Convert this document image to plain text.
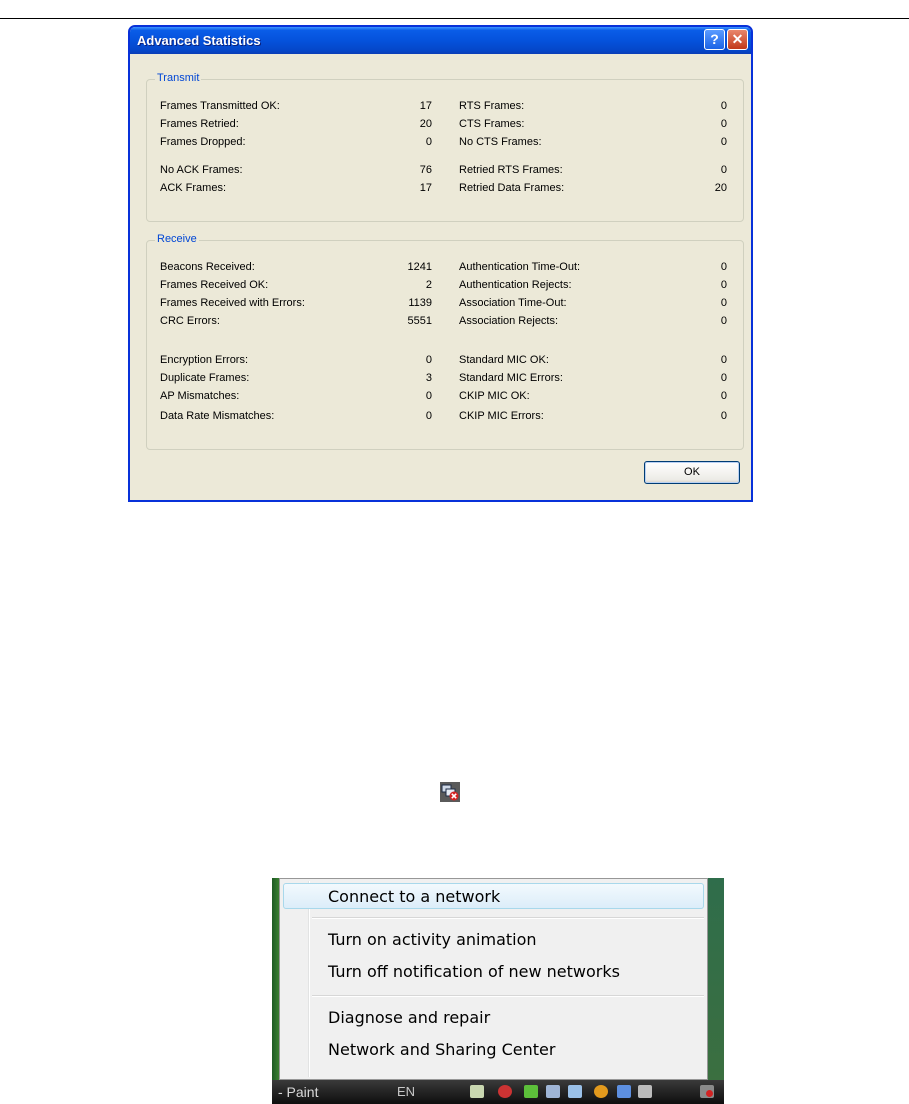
Advanced Statistics	? ✕
Transmit
Frames Transmitted OK:	17 RTS Frames:	0
Frames Retried:	20 CTS Frames:	0
Frames Dropped:	0 No CTS Frames:	0
No ACK Frames:	76 Retried RTS Frames:	0
ACK Frames:	17 Retried Data Frames:	20
Receive
Beacons Received:	1241 Authentication Time-Out:	0
Frames Received OK:	2 Authentication Rejects:	0
Frames Received with Errors:	1139 Association Time-Out:	0
CRC Errors:	5551 Association Rejects:	0
Encryption Errors:	0 Standard MIC OK:	0
Duplicate Frames:	3 Standard MIC Errors:	0
AP Mismatches:	0 CKIP MIC OK:	0
Data Rate Mismatches:	0 CKIP MIC Errors:	0
OK
Connect to a network
Turn on activity animation
Turn off notification of new networks
Diagnose and repair
Network and Sharing Center
- Paint	EN
